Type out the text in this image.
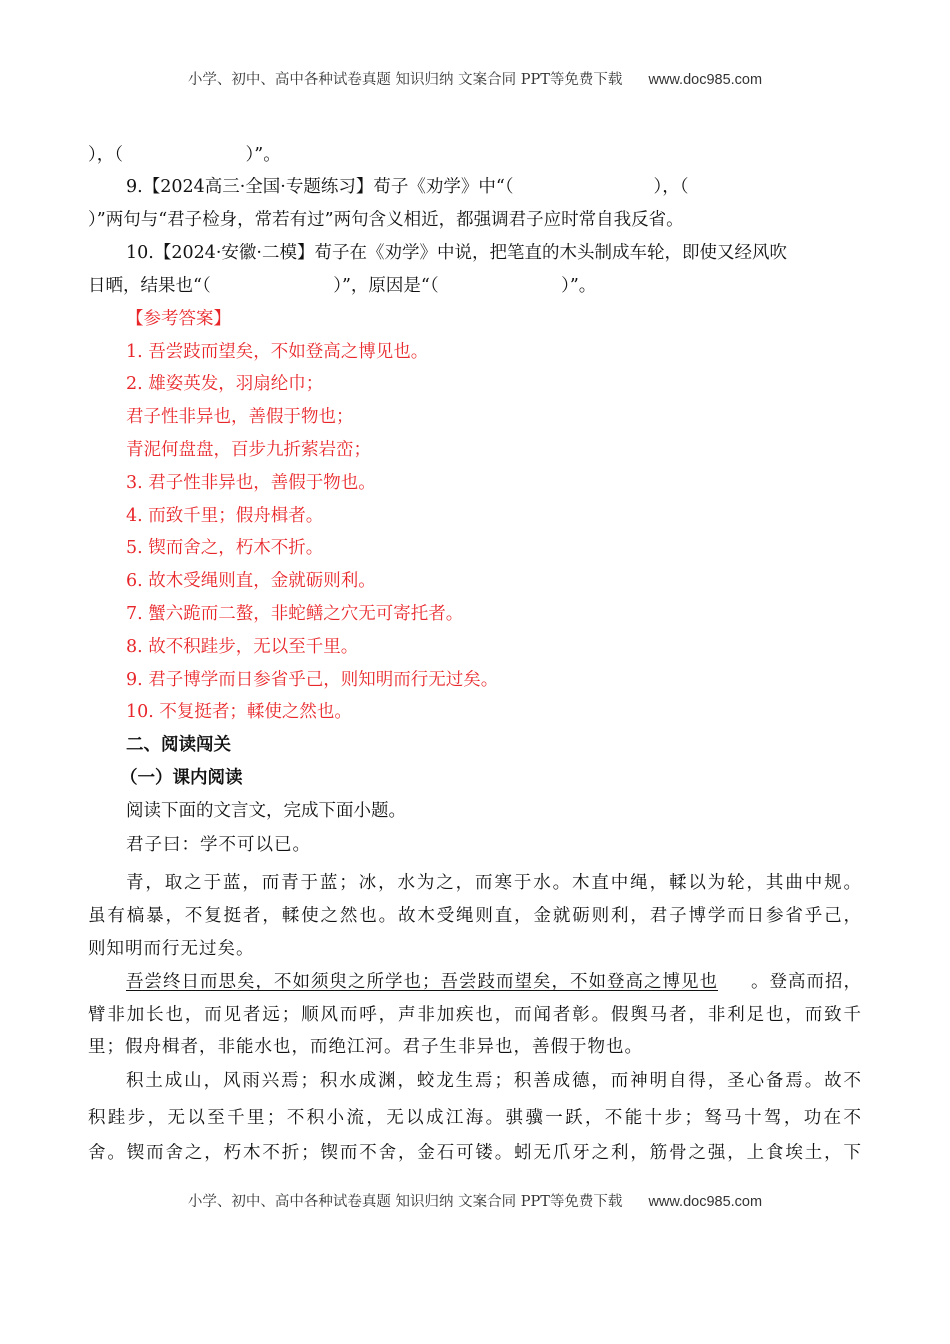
小学、初中、高中各种试卷真题 知识归纳 文案合同 PPT等免费下载 www.doc985.com
），（　　　　　　　）”。
9.【2024高三·全国·专题练习】荀子《劝学》中“（　　　　　　　　），（
）”两句与“君子检身，常若有过”两句含义相近，都强调君子应时常自我反省。
10.【2024·安徽·二模】荀子在《劝学》中说，把笔直的木头制成车轮，即使又经风吹
日晒，结果也“（　　　　　　　）”，原因是“（　　　　　　　）”。
【参考答案】
1. 吾尝跂而望矣，不如登高之博见也。
2. 雄姿英发，羽扇纶巾；
君子性非异也，善假于物也；
青泥何盘盘，百步九折萦岩峦；
3. 君子性非异也，善假于物也。
4. 而致千里；假舟楫者。
5. 锲而舍之，朽木不折。
6. 故木受绳则直，金就砺则利。
7. 蟹六跪而二螯，非蛇鳝之穴无可寄托者。
8. 故不积跬步，无以至千里。
9. 君子博学而日参省乎己，则知明而行无过矣。
10. 不复挺者；輮使之然也。
二、阅读闯关
（一）课内阅读
阅读下面的文言文，完成下面小题。
君子曰：学不可以已。
青，取之于蓝，而青于蓝；冰，水为之，而寒于水。木直中绳，輮以为轮，其曲中规。
虽有槁暴，不复挺者，輮使之然也。故木受绳则直，金就砺则利，君子博学而日参省乎己，
则知明而行无过矣。
吾尝终日而思矣，不如须臾之所学也；吾尝跂而望矣，不如登高之博见也 。登高而招，
臂非加长也，而见者远；顺风而呼，声非加疾也，而闻者彰。假舆马者，非利足也，而致千
里；假舟楫者，非能水也，而绝江河。君子生非异也，善假于物也。
积土成山，风雨兴焉；积水成渊，蛟龙生焉；积善成德，而神明自得，圣心备焉。故不
积跬步，无以至千里；不积小流，无以成江海。骐骥一跃，不能十步；驽马十驾，功在不
舍。锲而舍之，朽木不折；锲而不舍，金石可镂。蚓无爪牙之利，筋骨之强，上食埃土，下
小学、初中、高中各种试卷真题 知识归纳 文案合同 PPT等免费下载 www.doc985.com
